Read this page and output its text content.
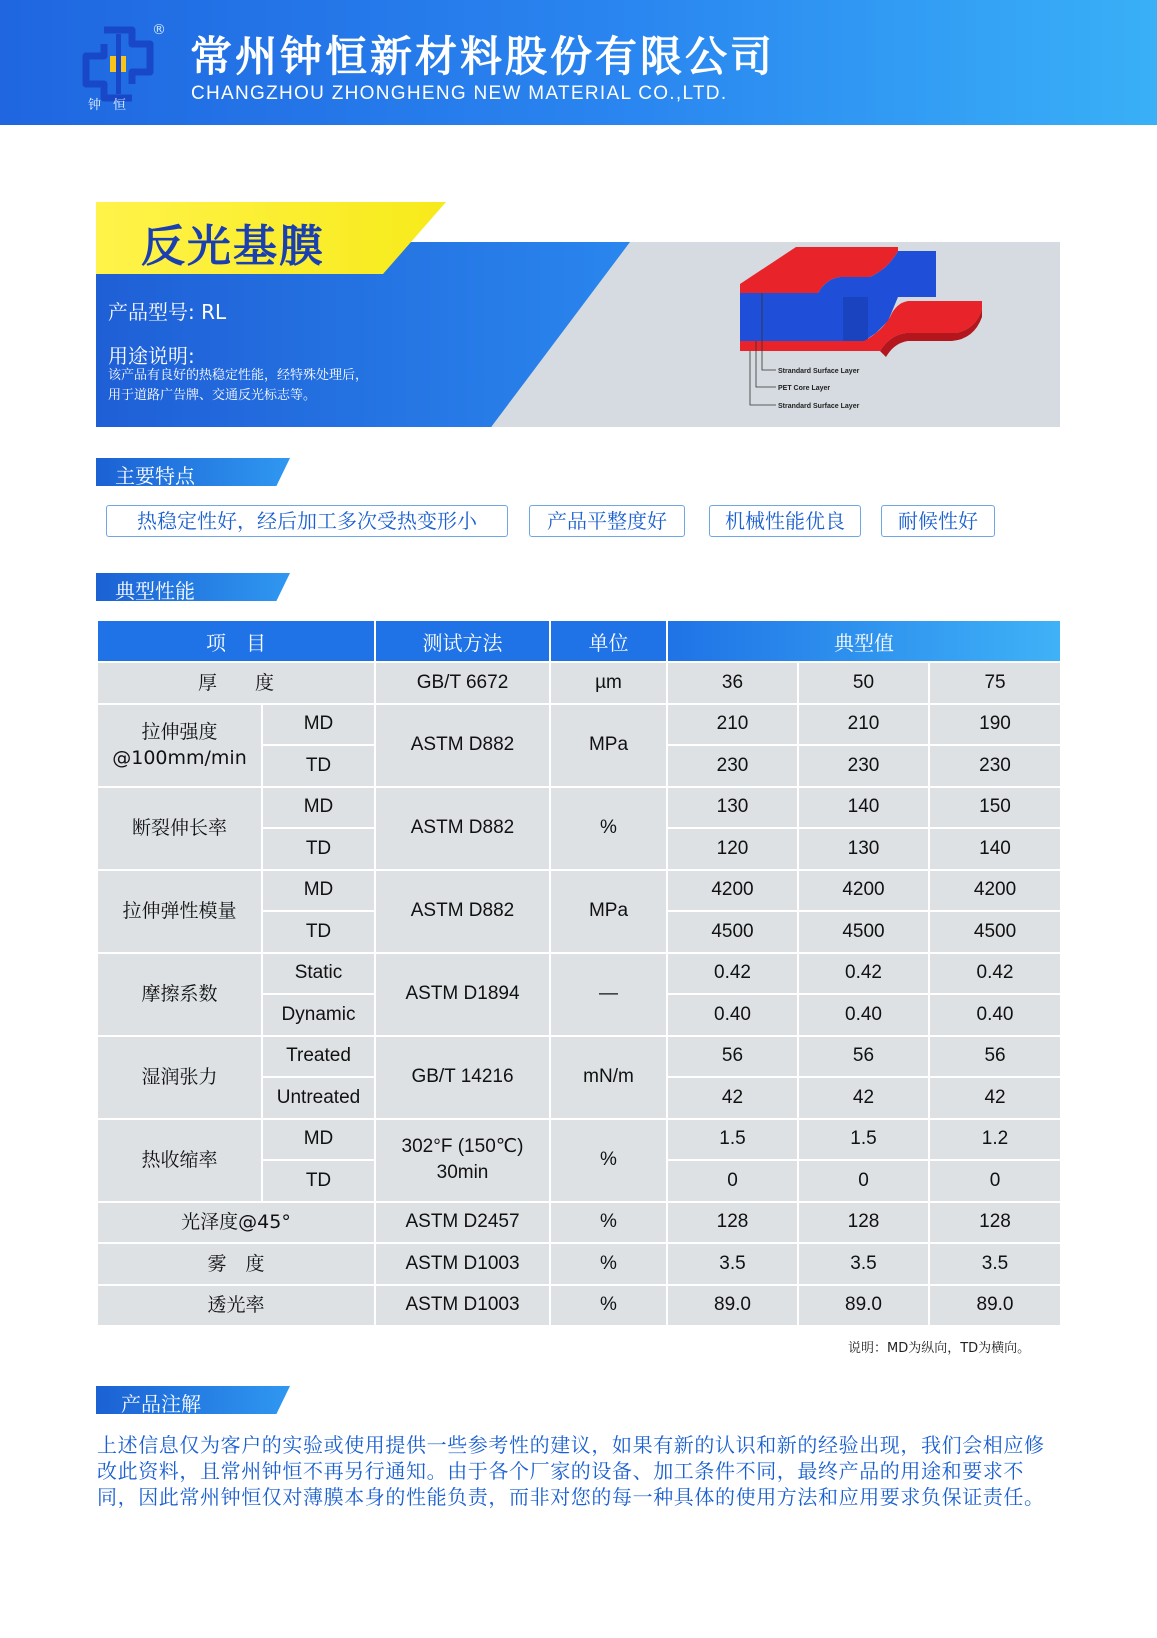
®
钟恒
常州钟恒新材料股份有限公司
CHANGZHOU ZHONGHENG NEW MATERIAL CO.,LTD.
反光基膜
产品型号: RL
用途说明:
该产品有良好的热稳定性能，经特殊处理后，
用于道路广告牌、交通反光标志等。
Strandard Surface Layer
PET Core Layer
Strandard Surface Layer
主要特点
热稳定性好，经后加工多次受热变形小	产品平整度好	机械性能优良	耐候性好
典型性能
项　目		测试方法	单位	典型值		
厚　　度		GB/T 6672	µm	36	50	75
拉伸强度
@100mm/min	MD	ASTM D882	MPa	210	210	190
	TD			230	230	230
断裂伸长率	MD	ASTM D882	%	130	140	150
	TD			120	130	140
拉伸弹性模量	MD	ASTM D882	MPa	4200	4200	4200
	TD			4500	4500	4500
摩擦系数	Static	ASTM D1894	—	0.42	0.42	0.42
	Dynamic			0.40	0.40	0.40
湿润张力	Treated	GB/T 14216	mN/m	56	56	56
	Untreated			42	42	42
热收缩率	MD	302°F (150℃)
30min	%	1.5	1.5	1.2
	TD			0	0	0
光泽度@45°		ASTM D2457	%	128	128	128
雾　度		ASTM D1003	%	3.5	3.5	3.5
透光率		ASTM D1003	%	89.0	89.0	89.0
说明：MD为纵向，TD为横向。
产品注解
上述信息仅为客户的实验或使用提供一些参考性的建议，如果有新的认识和新的经验出现，我们会相应修改此资料，且常州钟恒不再另行通知。由于各个厂家的设备、加工条件不同，最终产品的用途和要求不同，因此常州钟恒仅对薄膜本身的性能负责，而非对您的每一种具体的使用方法和应用要求负保证责任。
